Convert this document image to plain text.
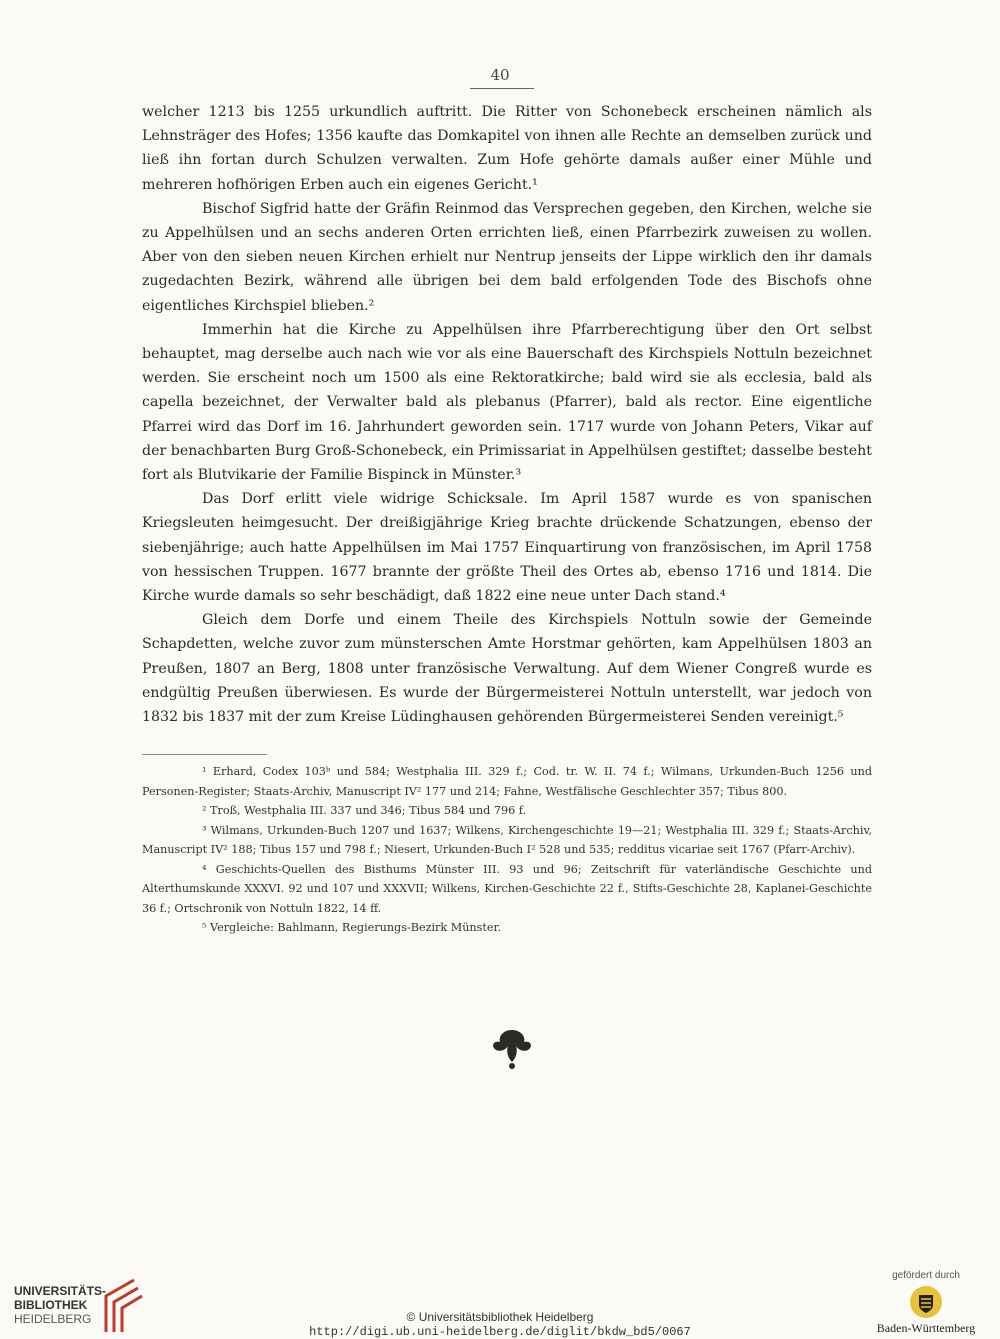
40

welcher 1213 bis 1255 urkundlich auftritt. Die Ritter von Schonebeck erscheinen nämlich als Lehnsträger des Hofes; 1356 kaufte das Domkapitel von ihnen alle Rechte an demselben zurück und ließ ihn fortan durch Schulzen verwalten. Zum Hofe gehörte damals außer einer Mühle und mehreren hofhörigen Erben auch ein eigenes Gericht.¹

Bischof Sigfrid hatte der Gräfin Reinmod das Versprechen gegeben, den Kirchen, welche sie zu Appelhülsen und an sechs anderen Orten errichten ließ, einen Pfarrbezirk zuweisen zu wollen. Aber von den sieben neuen Kirchen erhielt nur Nentrup jenseits der Lippe wirklich den ihr damals zugedachten Bezirk, während alle übrigen bei dem bald erfolgenden Tode des Bischofs ohne eigentliches Kirchspiel blieben.²

Immerhin hat die Kirche zu Appelhülsen ihre Pfarrberechtigung über den Ort selbst behauptet, mag derselbe auch nach wie vor als eine Bauerschaft des Kirchspiels Nottuln bezeichnet werden. Sie erscheint noch um 1500 als eine Rektoratkirche; bald wird sie als ecclesia, bald als capella bezeichnet, der Verwalter bald als plebanus (Pfarrer), bald als rector. Eine eigentliche Pfarrei wird das Dorf im 16. Jahrhundert geworden sein. 1717 wurde von Johann Peters, Vikar auf der benachbarten Burg Groß-Schonebeck, ein Primissariat in Appelhülsen gestiftet; dasselbe besteht fort als Blutvikarie der Familie Bispinck in Münster.³

Das Dorf erlitt viele widrige Schicksale. Im April 1587 wurde es von spanischen Kriegsleuten heimgesucht. Der dreißigjährige Krieg brachte drückende Schatzungen, ebenso der siebenjährige; auch hatte Appelhülsen im Mai 1757 Einquartirung von französischen, im April 1758 von hessischen Truppen. 1677 brannte der größte Theil des Ortes ab, ebenso 1716 und 1814. Die Kirche wurde damals so sehr beschädigt, daß 1822 eine neue unter Dach stand.⁴

Gleich dem Dorfe und einem Theile des Kirchspiels Nottuln sowie der Gemeinde Schapdetten, welche zuvor zum münsterschen Amte Horstmar gehörten, kam Appelhülsen 1803 an Preußen, 1807 an Berg, 1808 unter französische Verwaltung. Auf dem Wiener Congreß wurde es endgültig Preußen überwiesen. Es wurde der Bürgermeisterei Nottuln unterstellt, war jedoch von 1832 bis 1837 mit der zum Kreise Lüdinghausen gehörenden Bürgermeisterei Senden vereinigt.⁵

¹ Erhard, Codex 103ᵇ und 584; Westphalia III. 329 f.; Cod. tr. W. II. 74 f.; Wilmans, Urkunden-Buch 1256 und Personen-Register; Staats-Archiv, Manuscript IV² 177 und 214; Fahne, Westfälische Geschlechter 357; Tibus 800.

² Troß, Westphalia III. 337 und 346; Tibus 584 und 796 f.

³ Wilmans, Urkunden-Buch 1207 und 1637; Wilkens, Kirchengeschichte 19—21; Westphalia III. 329 f.; Staats-Archiv, Manuscript IV² 188; Tibus 157 und 798 f.; Niesert, Urkunden-Buch I² 528 und 535; redditus vicariae seit 1767 (Pfarr-Archiv).

⁴ Geschichts-Quellen des Bisthums Münster III. 93 und 96; Zeitschrift für vaterländische Geschichte und Alterthumskunde XXXVI. 92 und 107 und XXXVII; Wilkens, Kirchen-Geschichte 22 f., Stifts-Geschichte 28, Kaplanei-Geschichte 36 f.; Ortschronik von Nottuln 1822, 14 ff.

⁵ Vergleiche: Bahlmann, Regierungs-Bezirk Münster.

UNIVERSITÄTS-
BIBLIOTHEK
HEIDELBERG	© Universitätsbibliothek Heidelberg
http://digi.ub.uni-heidelberg.de/diglit/bkdw_bd5/0067
gefördert durch
Baden-Württemberg
